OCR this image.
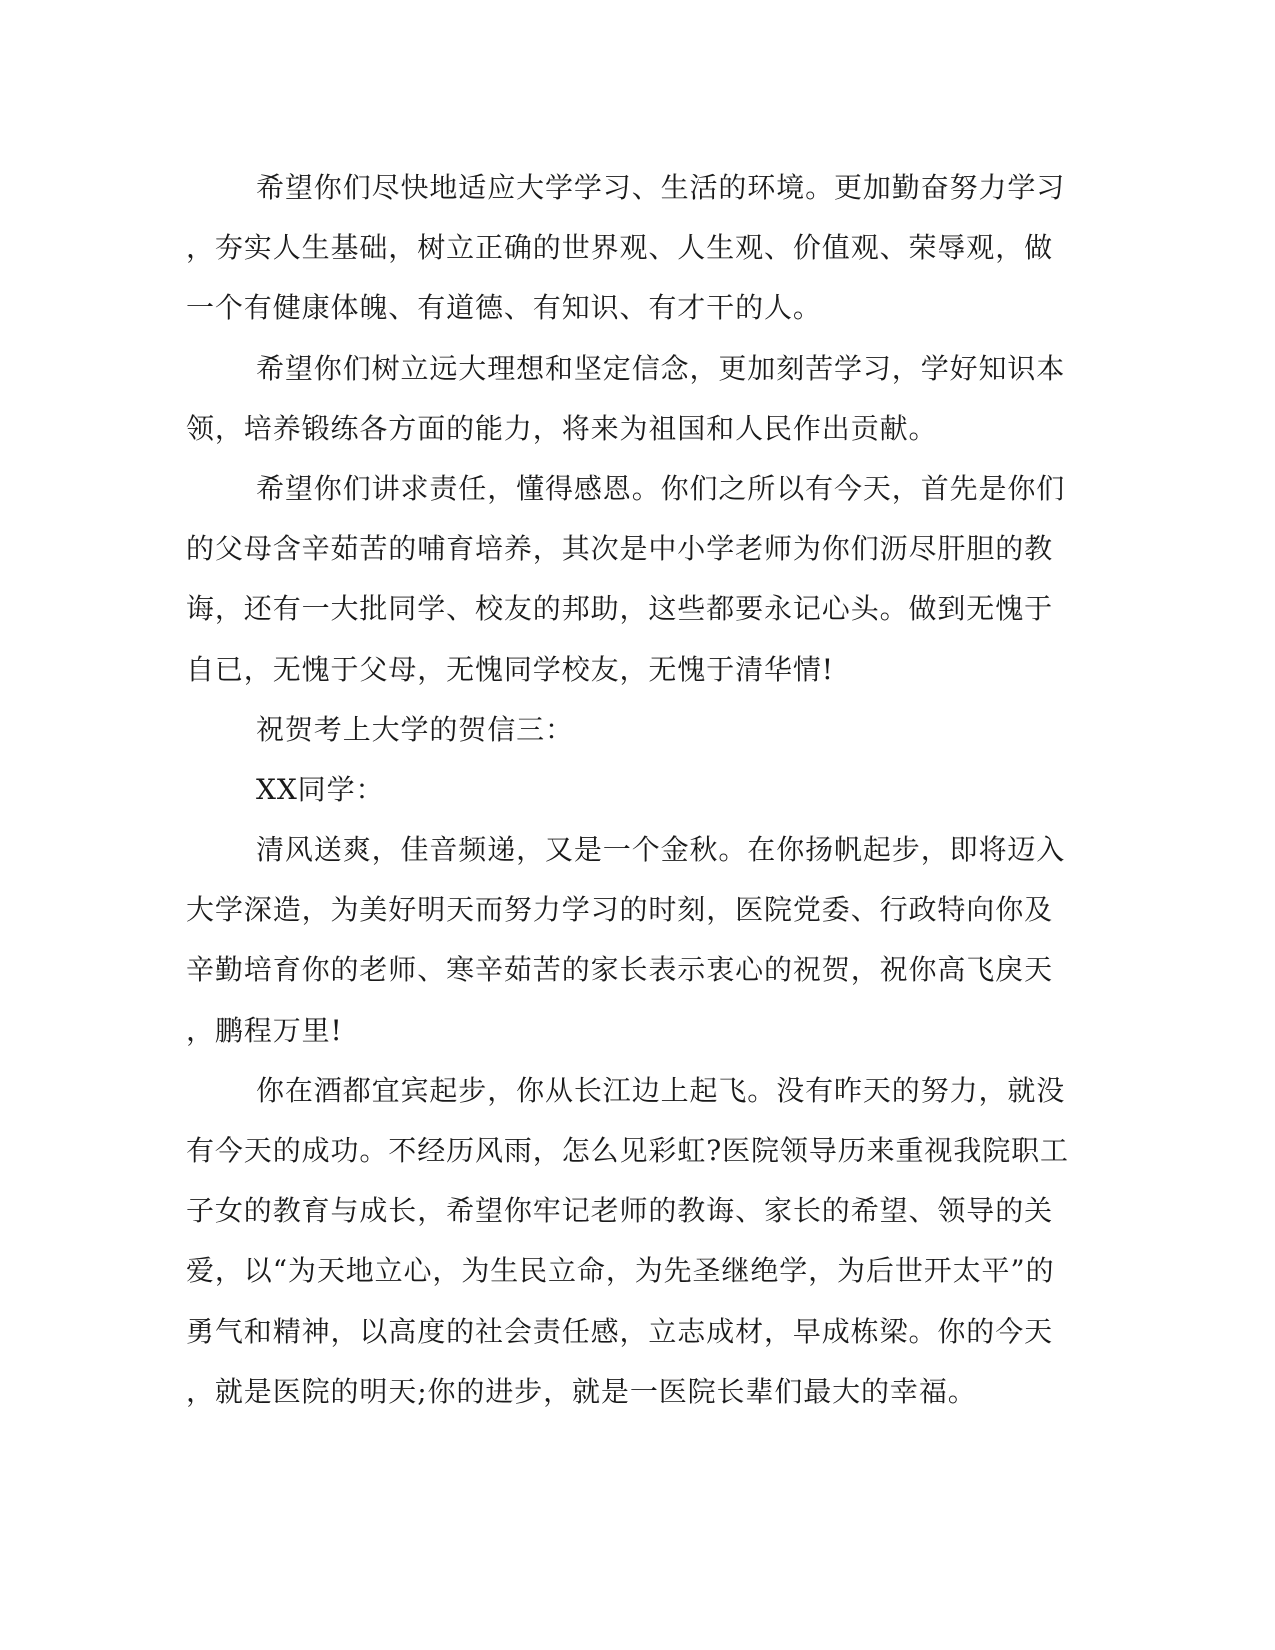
希望你们尽快地适应大学学习、生活的环境。更加勤奋努力学习
，夯实人生基础，树立正确的世界观、人生观、价值观、荣辱观，做
一个有健康体魄、有道德、有知识、有才干的人。
希望你们树立远大理想和坚定信念，更加刻苦学习，学好知识本
领，培养锻练各方面的能力，将来为祖国和人民作出贡献。
希望你们讲求责任，懂得感恩。你们之所以有今天，首先是你们
的父母含辛茹苦的哺育培养，其次是中小学老师为你们沥尽肝胆的教
诲，还有一大批同学、校友的邦助，这些都要永记心头。做到无愧于
自已，无愧于父母，无愧同学校友，无愧于清华情!
祝贺考上大学的贺信三：
XX同学：
清风送爽，佳音频递，又是一个金秋。在你扬帆起步，即将迈入
大学深造，为美好明天而努力学习的时刻，医院党委、行政特向你及
辛勤培育你的老师、寒辛茹苦的家长表示衷心的祝贺，祝你高飞戾天
，鹏程万里!
你在酒都宜宾起步，你从长江边上起飞。没有昨天的努力，就没
有今天的成功。不经历风雨，怎么见彩虹?医院领导历来重视我院职工
子女的教育与成长，希望你牢记老师的教诲、家长的希望、领导的关
爱，以“为天地立心，为生民立命，为先圣继绝学，为后世开太平”的
勇气和精神，以高度的社会责任感，立志成材，早成栋梁。你的今天
，就是医院的明天;你的进步，就是一医院长辈们最大的幸福。
